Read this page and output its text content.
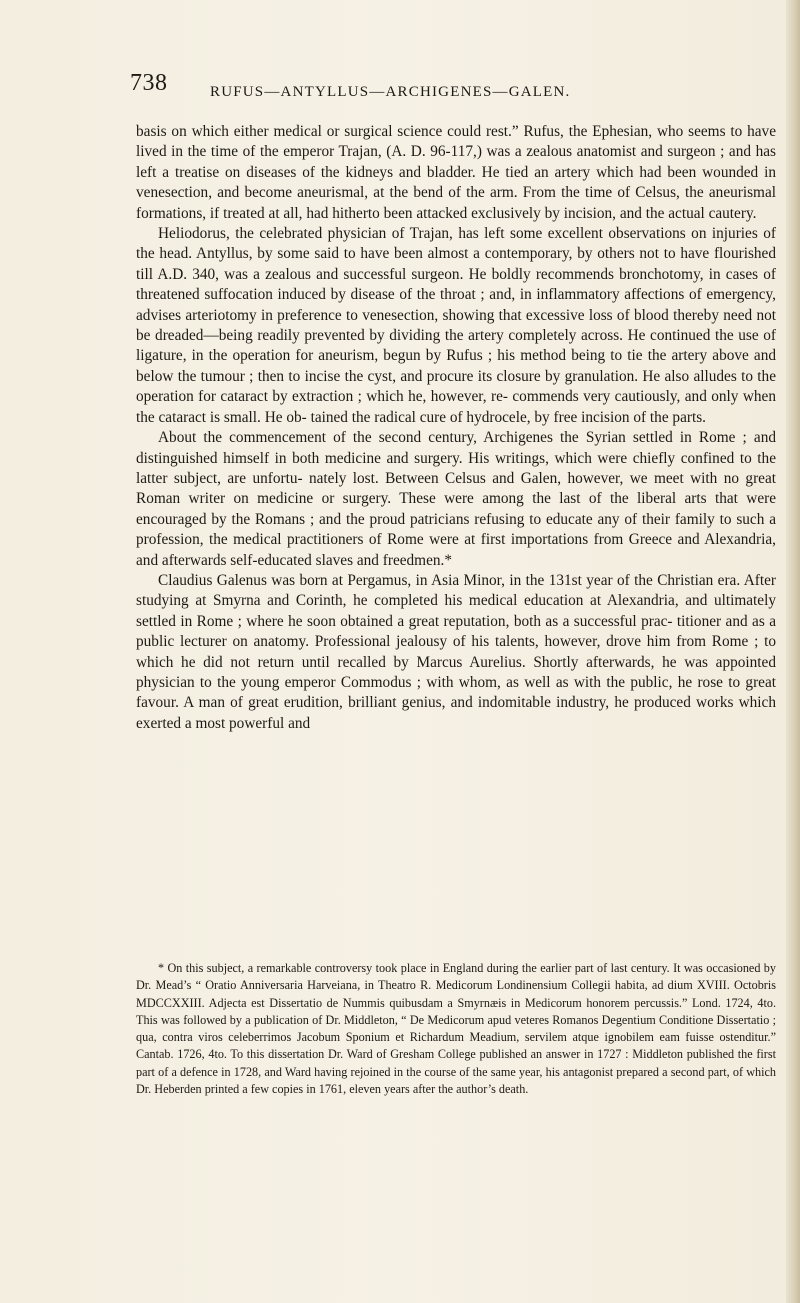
738	RUFUS—ANTYLLUS—ARCHIGENES—GALEN.

basis on which either medical or surgical science could rest.” Rufus, the Ephesian, who seems to have lived in the time of the emperor Trajan, (A. D. 96-117,) was a zealous anatomist and surgeon ; and has left a treatise on diseases of the kidneys and bladder. He tied an artery which had been wounded in venesection, and become aneurismal, at the bend of the arm. From the time of Celsus, the aneurismal formations, if treated at all, had hitherto been attacked exclusively by incision, and the actual cautery.

Heliodorus, the celebrated physician of Trajan, has left some excellent observations on injuries of the head. Antyllus, by some said to have been almost a contemporary, by others not to have flourished till A.D. 340, was a zealous and successful surgeon. He boldly recommends bronchotomy, in cases of threatened suffocation induced by disease of the throat ; and, in inflammatory affections of emergency, advises arteriotomy in preference to venesection, showing that excessive loss of blood thereby need not be dreaded—being readily prevented by dividing the artery completely across. He continued the use of ligature, in the operation for aneurism, begun by Rufus ; his method being to tie the artery above and below the tumour ; then to incise the cyst, and procure its closure by granulation. He also alludes to the operation for cataract by extraction ; which he, however, re- commends very cautiously, and only when the cataract is small. He ob- tained the radical cure of hydrocele, by free incision of the parts.

About the commencement of the second century, Archigenes the Syrian settled in Rome ; and distinguished himself in both medicine and surgery. His writings, which were chiefly confined to the latter subject, are unfortu- nately lost. Between Celsus and Galen, however, we meet with no great Roman writer on medicine or surgery. These were among the last of the liberal arts that were encouraged by the Romans ; and the proud patricians refusing to educate any of their family to such a profession, the medical practitioners of Rome were at first importations from Greece and Alexandria, and afterwards self-educated slaves and freedmen.*

Claudius Galenus was born at Pergamus, in Asia Minor, in the 131st year of the Christian era. After studying at Smyrna and Corinth, he completed his medical education at Alexandria, and ultimately settled in Rome ; where he soon obtained a great reputation, both as a successful prac- titioner and as a public lecturer on anatomy. Professional jealousy of his talents, however, drove him from Rome ; to which he did not return until recalled by Marcus Aurelius. Shortly afterwards, he was appointed physician to the young emperor Commodus ; with whom, as well as with the public, he rose to great favour. A man of great erudition, brilliant genius, and indomitable industry, he produced works which exerted a most powerful and

* On this subject, a remarkable controversy took place in England during the earlier part of last century. It was occasioned by Dr. Mead’s “ Oratio Anniversaria Harveiana, in Theatro R. Medicorum Londinensium Collegii habita, ad dium XVIII. Octobris MDCCXXIII. Adjecta est Dissertatio de Nummis quibusdam a Smyrnæis in Medicorum honorem percussis.” Lond. 1724, 4to. This was followed by a publication of Dr. Middleton, “ De Medicorum apud veteres Romanos Degentium Conditione Dissertatio ; qua, contra viros celeberrimos Jacobum Sponium et Richardum Meadium, servilem atque ignobilem eam fuisse ostenditur.” Cantab. 1726, 4to. To this dissertation Dr. Ward of Gresham College published an answer in 1727 : Middleton published the first part of a defence in 1728, and Ward having rejoined in the course of the same year, his antagonist prepared a second part, of which Dr. Heberden printed a few copies in 1761, eleven years after the author’s death.
